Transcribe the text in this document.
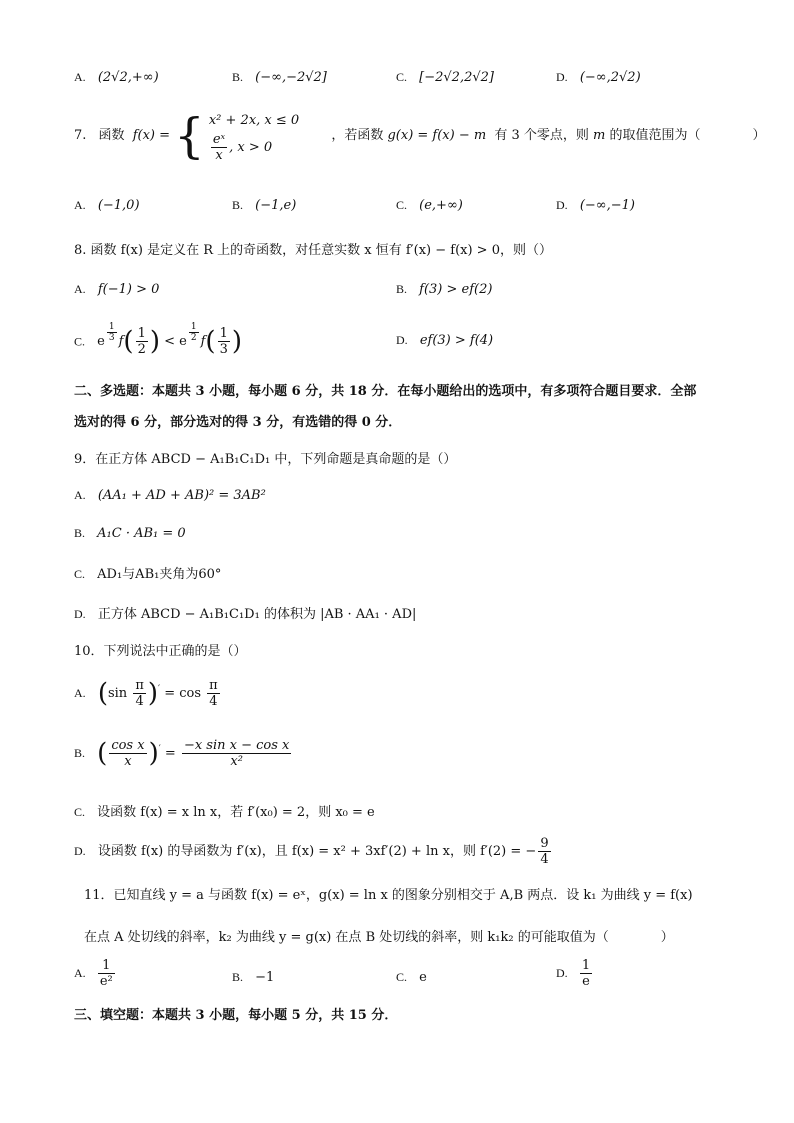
A. (2√2,+∞)	B. (−∞,−2√2]	C. [−2√2,2√2]	D. (−∞,2√2)
7. 函数 f(x) = { x² + 2x, x ≤ 0
$\frac{\text{eˣ}}{x}$ , x > 0
，若函数 g(x) = f(x) − m 有 3 个零点，则 m 的取值范围为（　　　　）
A. (−1,0)	B. (−1,e)	C. (e,+∞)	D. (−∞,−1)
8. 函数 f(x) 是定义在 R 上的奇函数，对任意实数 x 恒有 f′(x) − f(x) > 0，则（）
A. f(−1) > 0	B. f(3) > ef(2)
C. e $\frac{1}{3} f( \frac{1}{2}$ ) < e $\frac{1}{2} f( \frac{1}{3}$ )	D. ef(3) > f(4)
二、多选题：本题共 3 小题，每小题 6 分，共 18 分．在每小题给出的选项中，有多项符合题目要求．全部
选对的得 6 分，部分选对的得 3 分，有选错的得 0 分．
9．在正方体 ABCD − A₁B₁C₁D₁ 中，下列命题是真命题的是（）
A. (AA₁ + AD + AB)² = 3AB²
B. A₁C · AB₁ = 0
C. AD₁与AB₁夹角为60°
D. 正方体 ABCD − A₁B₁C₁D₁ 的体积为 |AB · AA₁ · AD|
10．下列说法中正确的是（）
A. $(\sin \frac{\pi}{4} )' = \cos \frac{\pi}{4}$
B. ( $\frac{\text{cos x}}{x} )' = \frac{\text{−x sin x − cos x}}{\text{x²}}$
C. 设函数 f(x) = x ln x，若 f′(x₀) = 2，则 x₀ = e
D. 设函数 f(x) 的导函数为 f′(x)，且 f(x) = x² + 3xf′(2) + ln x，则 f′(2) = − $\frac{9}{4}$
11．已知直线 y = a 与函数 f(x) = eˣ，g(x) = ln x 的图象分别相交于 A,B 两点．设 k₁ 为曲线 y = f(x)
在点 A 处切线的斜率，k₂ 为曲线 y = g(x) 在点 B 处切线的斜率，则 k₁k₂ 的可能取值为（　　　　）
A. $\frac{1}{\text{e²}}$	B. −1	C. e	D. $\frac{1}{e}$
三、填空题：本题共 3 小题，每小题 5 分，共 15 分．
